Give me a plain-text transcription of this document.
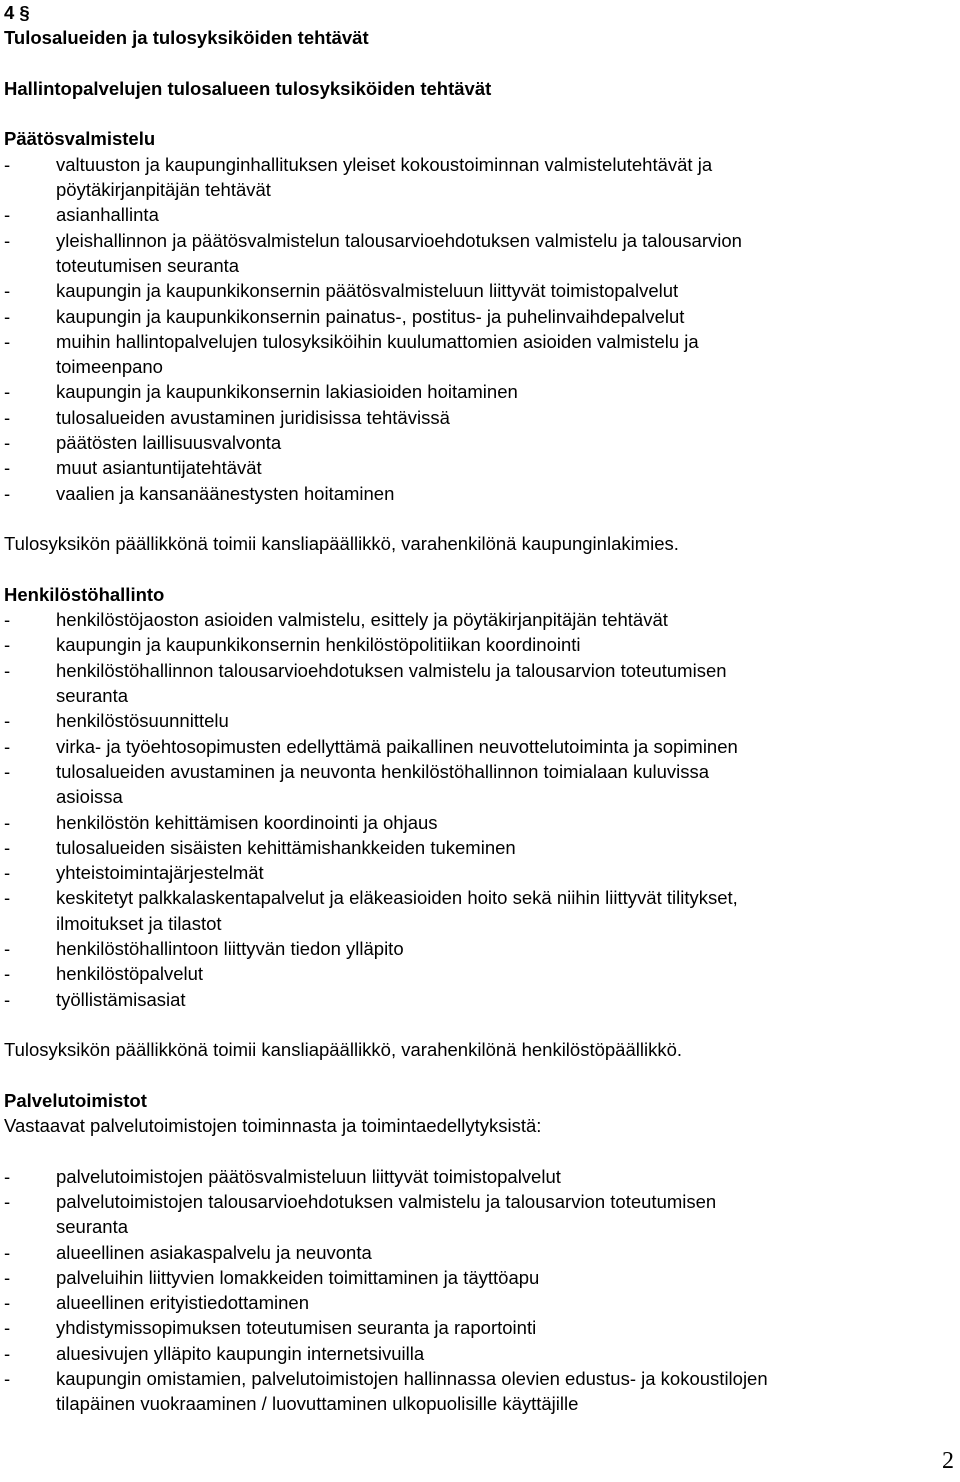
4 §
Tulosalueiden ja tulosyksiköiden tehtävät
Hallintopalvelujen tulosalueen tulosyksiköiden tehtävät
Päätösvalmistelu
- valtuuston ja kaupunginhallituksen yleiset kokoustoiminnan valmistelutehtävät ja
pöytäkirjanpitäjän tehtävät
- asianhallinta
- yleishallinnon ja päätösvalmistelun talousarvioehdotuksen valmistelu ja talousarvion
toteutumisen seuranta
- kaupungin ja kaupunkikonsernin päätösvalmisteluun liittyvät toimistopalvelut
- kaupungin ja kaupunkikonsernin painatus-, postitus- ja puhelinvaihdepalvelut
- muihin hallintopalvelujen tulosyksiköihin kuulumattomien asioiden valmistelu ja
toimeenpano
- kaupungin ja kaupunkikonsernin lakiasioiden hoitaminen
- tulosalueiden avustaminen juridisissa tehtävissä
- päätösten laillisuusvalvonta
- muut asiantuntijatehtävät
- vaalien ja kansanäänestysten hoitaminen
Tulosyksikön päällikkönä toimii kansliapäällikkö, varahenkilönä kaupunginlakimies.
Henkilöstöhallinto
- henkilöstöjaoston asioiden valmistelu, esittely ja pöytäkirjanpitäjän tehtävät
- kaupungin ja kaupunkikonsernin henkilöstöpolitiikan koordinointi
- henkilöstöhallinnon talousarvioehdotuksen valmistelu ja talousarvion toteutumisen
seuranta
- henkilöstösuunnittelu
- virka- ja työehtosopimusten edellyttämä paikallinen neuvottelutoiminta ja sopiminen
- tulosalueiden avustaminen ja neuvonta henkilöstöhallinnon toimialaan kuluvissa
asioissa
- henkilöstön kehittämisen koordinointi ja ohjaus
- tulosalueiden sisäisten kehittämishankkeiden tukeminen
- yhteistoimintajärjestelmät
- keskitetyt palkkalaskentapalvelut ja eläkeasioiden hoito sekä niihin liittyvät tilitykset,
ilmoitukset ja tilastot
- henkilöstöhallintoon liittyvän tiedon ylläpito
- henkilöstöpalvelut
- työllistämisasiat
Tulosyksikön päällikkönä toimii kansliapäällikkö, varahenkilönä henkilöstöpäällikkö.
Palvelutoimistot
Vastaavat palvelutoimistojen toiminnasta ja toimintaedellytyksistä:
- palvelutoimistojen päätösvalmisteluun liittyvät toimistopalvelut
- palvelutoimistojen talousarvioehdotuksen valmistelu ja talousarvion toteutumisen
seuranta
- alueellinen asiakaspalvelu ja neuvonta
- palveluihin liittyvien lomakkeiden toimittaminen ja täyttöapu
- alueellinen erityistiedottaminen
- yhdistymissopimuksen toteutumisen seuranta ja raportointi
- aluesivujen ylläpito kaupungin internetsivuilla
- kaupungin omistamien, palvelutoimistojen hallinnassa olevien edustus- ja kokoustilojen
tilapäinen vuokraaminen / luovuttaminen ulkopuolisille käyttäjille
2
